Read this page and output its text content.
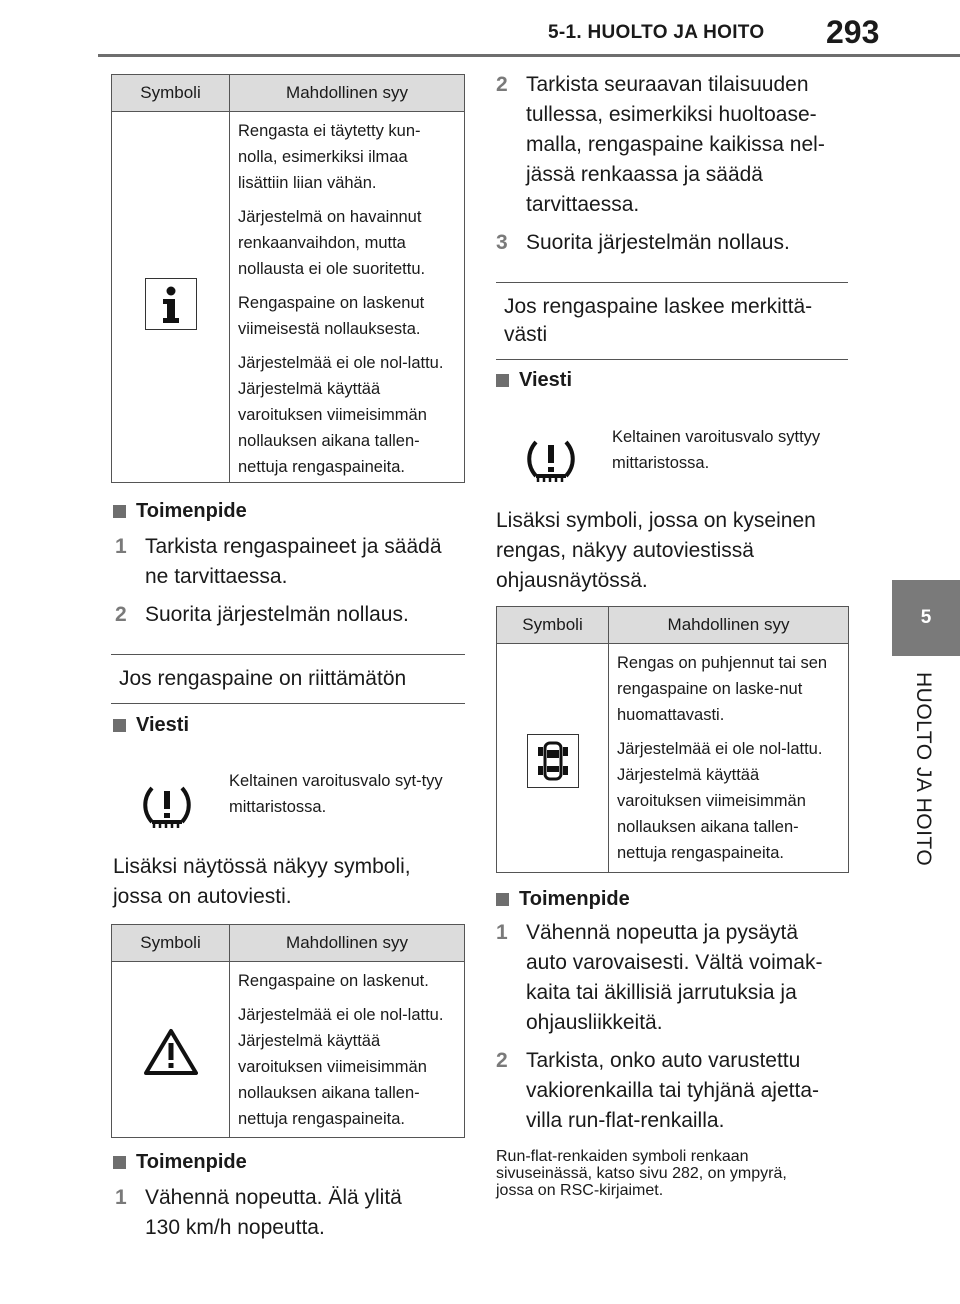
5-1. HUOLTO JA HOITO 293
5
HUOLTO JA HOITO
Symboli	Mahdollinen syy

Rengasta ei täytetty kun-nolla, esimerkiksi ilmaa lisättiin liian vähän.

Järjestelmä on havainnut renkaanvaihdon, mutta nollausta ei ole suoritettu.

Rengaspaine on laskenut viimeisestä nollauksesta.

Järjestelmää ei ole nol-lattu. Järjestelmä käyttää varoituksen viimeisimmän nollauksen aikana tallen-nettuja rengaspaineita.

Toimenpide
1 Tarkista rengaspaineet ja säädä ne tarvittaessa.
2 Suorita järjestelmän nollaus.
Jos rengaspaine on riittämätön
Viesti
Keltainen varoitusvalo syt-tyy mittaristossa.
Lisäksi näytössä näkyy symboli, jossa on autoviesti.
Symboli	Mahdollinen syy

Rengaspaine on laskenut.

Järjestelmää ei ole nol-lattu. Järjestelmä käyttää varoituksen viimeisimmän nollauksen aikana tallen-nettuja rengaspaineita.

Toimenpide
1 Vähennä nopeutta. Älä ylitä 130 km/h nopeutta.
2 Tarkista seuraavan tilaisuuden tullessa, esimerkiksi huoltoase-malla, rengaspaine kaikissa nel-jässä renkaassa ja säädä tarvittaessa.
3 Suorita järjestelmän nollaus.
Jos rengaspaine laskee merkittä-västi
Viesti
Keltainen varoitusvalo syttyy mittaristossa.
Lisäksi symboli, jossa on kyseinen rengas, näkyy autoviestissä ohjausnäytössä.
Symboli	Mahdollinen syy

Rengas on puhjennut tai sen rengaspaine on laske-nut huomattavasti.

Järjestelmää ei ole nol-lattu. Järjestelmä käyttää varoituksen viimeisimmän nollauksen aikana tallen-nettuja rengaspaineita.

Toimenpide
1 Vähennä nopeutta ja pysäytä auto varovaisesti. Vältä voimak-kaita tai äkillisiä jarrutuksia ja ohjausliikkeitä.
2 Tarkista, onko auto varustettu vakiorenkailla tai tyhjänä ajetta-villa run-flat-renkailla.
Run-flat-renkaiden symboli renkaan sivuseinässä, katso sivu 282, on ympyrä, jossa on RSC-kirjaimet.
